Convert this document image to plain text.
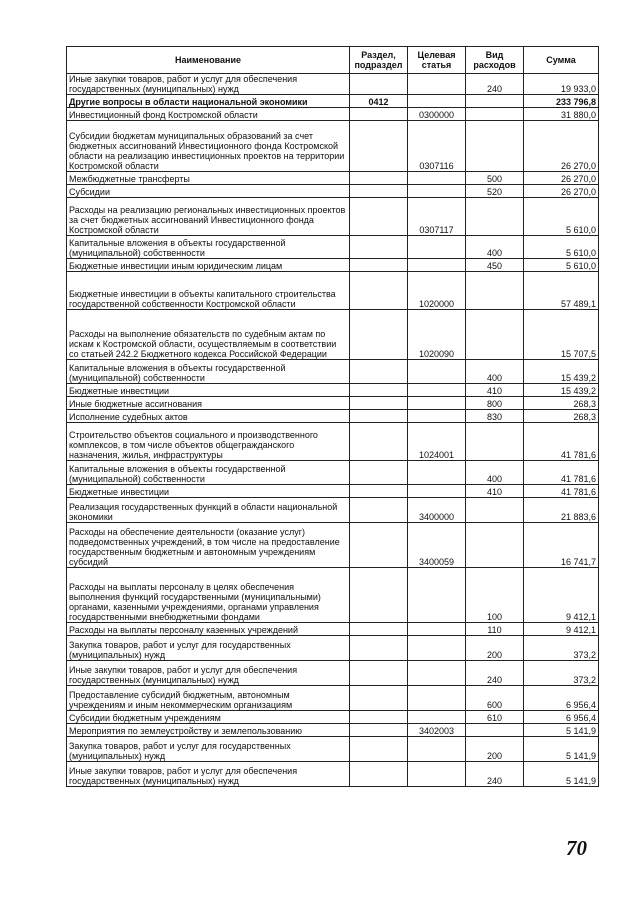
Наименование	Раздел, подраздел	Целевая статья	Вид расходов	Сумма
Иные закупки товаров, работ и услуг для обеспечения государственных (муниципальных) нужд			240	19 933,0
Другие вопросы в области национальной экономики	0412			233 796,8
Инвестиционный фонд Костромской области		0300000		31 880,0
Субсидии бюджетам муниципальных образований за счет бюджетных ассигнований Инвестиционного фонда Костромской области на реализацию инвестиционных проектов на территории Костромской области		0307116		26 270,0
Межбюджетные трансферты			500	26 270,0
Субсидии			520	26 270,0
Расходы на реализацию региональных инвестиционных проектов за счет бюджетных ассигнований Инвестиционного фонда Костромской области		0307117		5 610,0
Капитальные вложения в объекты государственной (муниципальной) собственности			400	5 610,0
Бюджетные инвестиции иным юридическим лицам			450	5 610,0
Бюджетные инвестиции в объекты капитального строительства государственной собственности Костромской области		1020000		57 489,1
Расходы на выполнение обязательств по судебным актам по искам к Костромской области, осуществляемым в соответствии со статьей 242.2 Бюджетного кодекса Российской Федерации		1020090		15 707,5
Капитальные вложения в объекты государственной (муниципальной) собственности			400	15 439,2
Бюджетные инвестиции			410	15 439,2
Иные бюджетные ассигнования			800	268,3
Исполнение судебных актов			830	268,3
Строительство объектов социального и производственного комплексов, в том числе объектов общегражданского назначения, жилья, инфраструктуры		1024001		41 781,6
Капитальные вложения в объекты государственной (муниципальной) собственности			400	41 781,6
Бюджетные инвестиции			410	41 781,6
Реализация государственных функций в области национальной экономики		3400000		21 883,6
Расходы на обеспечение деятельности (оказание услуг) подведомственных учреждений, в том числе на предоставление государственным бюджетным и автономным учреждениям субсидий		3400059		16 741,7
Расходы на выплаты персоналу в целях обеспечения выполнения функций государственными (муниципальными) органами, казенными учреждениями, органами управления государственными внебюджетными фондами			100	9 412,1
Расходы на выплаты персоналу казенных учреждений			110	9 412,1
Закупка товаров, работ и услуг для государственных (муниципальных) нужд			200	373,2
Иные закупки товаров, работ и услуг для обеспечения государственных (муниципальных) нужд			240	373,2
Предоставление субсидий бюджетным, автономным учреждениям и иным некоммерческим организациям			600	6 956,4
Субсидии бюджетным учреждениям			610	6 956,4
Мероприятия по землеустройству и землепользованию		3402003		5 141,9
Закупка товаров, работ и услуг для государственных (муниципальных) нужд			200	5 141,9
Иные закупки товаров, работ и услуг для обеспечения государственных (муниципальных) нужд			240	5 141,9
70
